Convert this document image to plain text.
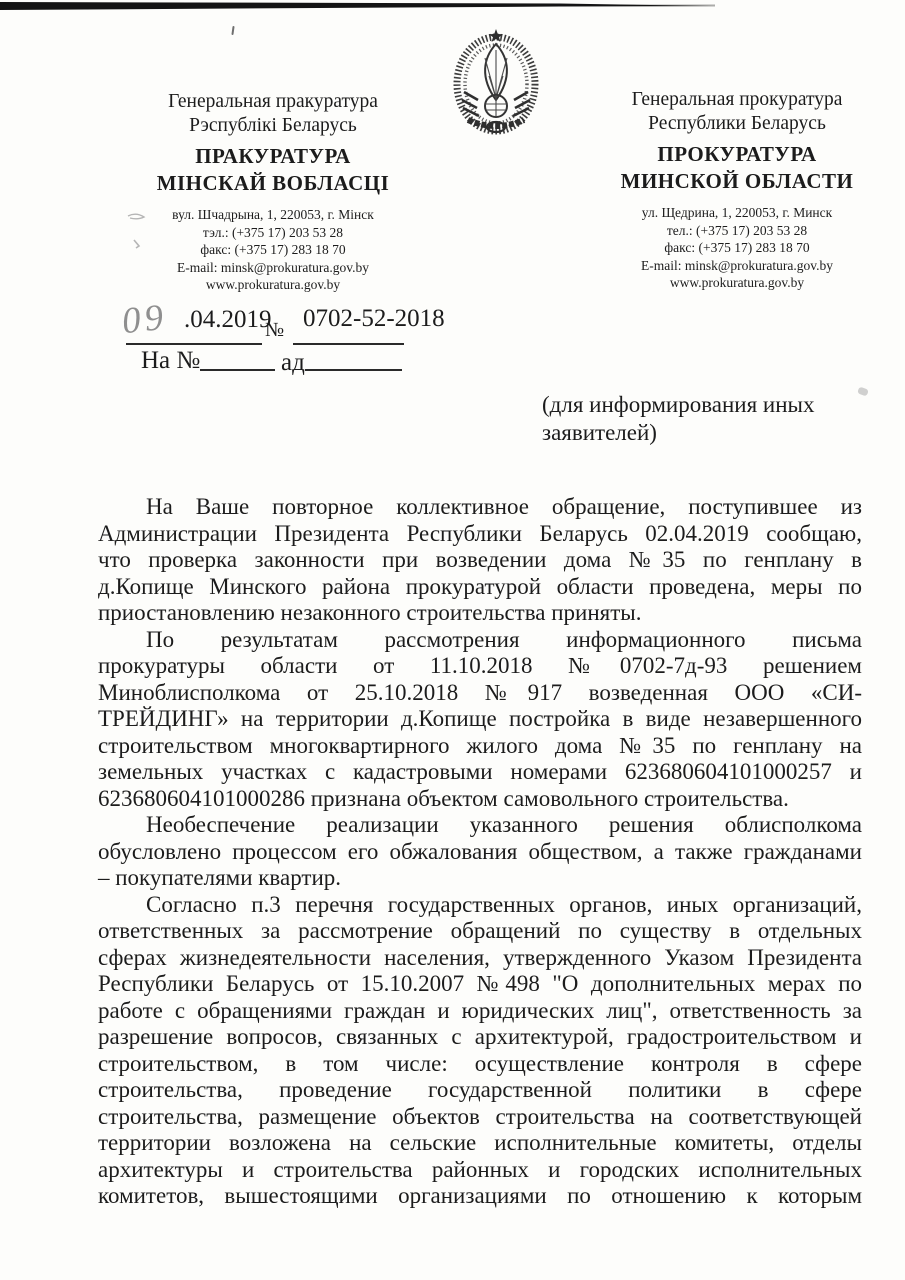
Генеральная пракуратура
Рэспублікі Беларусь
ПРАКУРАТУРА
МІНСКАЙ ВОБЛАСЦІ
вул. Шчадрына, 1, 220053, г. Мінск
тэл.: (+375 17) 203 53 28
факс: (+375 17) 283 18 70
E-mail: minsk@prokuratura.gov.by
www.prokuratura.gov.by
Генеральная прокуратура
Республики Беларусь
ПРОКУРАТУРА
МИНСКОЙ ОБЛАСТИ
ул. Щедрина, 1, 220053, г. Минск
тел.: (+375 17) 203 53 28
факс: (+375 17) 283 18 70
E-mail: minsk@prokuratura.gov.by
www.prokuratura.gov.by
09 .04.2019
№ 0702-52-2018
На №	ад
(для информирования иных
заявителей)
На Ваше повторное коллективное обращение, поступившее из
Администрации Президента Республики Беларусь 02.04.2019 сообщаю,
что проверка законности при возведении дома №35 по генплану в
д.Копище Минского района прокуратурой области проведена, меры по
приостановлению незаконного строительства приняты.
По результатам рассмотрения информационного письма
прокуратуры области от 11.10.2018 №0702-7д-93 решением
Миноблисполкома от 25.10.2018 №917 возведенная ООО «СИ-
ТРЕЙДИНГ» на территории д.Копище постройка в виде незавершенного
строительством многоквартирного жилого дома №35 по генплану на
земельных участках с кадастровыми номерами 623680604101000257 и
623680604101000286 признана объектом самовольного строительства.
Необеспечение реализации указанного решения облисполкома
обусловлено процессом его обжалования обществом, а также гражданами
– покупателями квартир.
Согласно п.3 перечня государственных органов, иных организаций,
ответственных за рассмотрение обращений по существу в отдельных
сферах жизнедеятельности населения, утвержденного Указом Президента
Республики Беларусь от 15.10.2007 №498 "О дополнительных мерах по
работе с обращениями граждан и юридических лиц", ответственность за
разрешение вопросов, связанных с архитектурой, градостроительством и
строительством, в том числе: осуществление контроля в сфере
строительства, проведение государственной политики в сфере
строительства, размещение объектов строительства на соответствующей
территории возложена на сельские исполнительные комитеты, отделы
архитектуры и строительства районных и городских исполнительных
комитетов, вышестоящими организациями по отношению к которым
